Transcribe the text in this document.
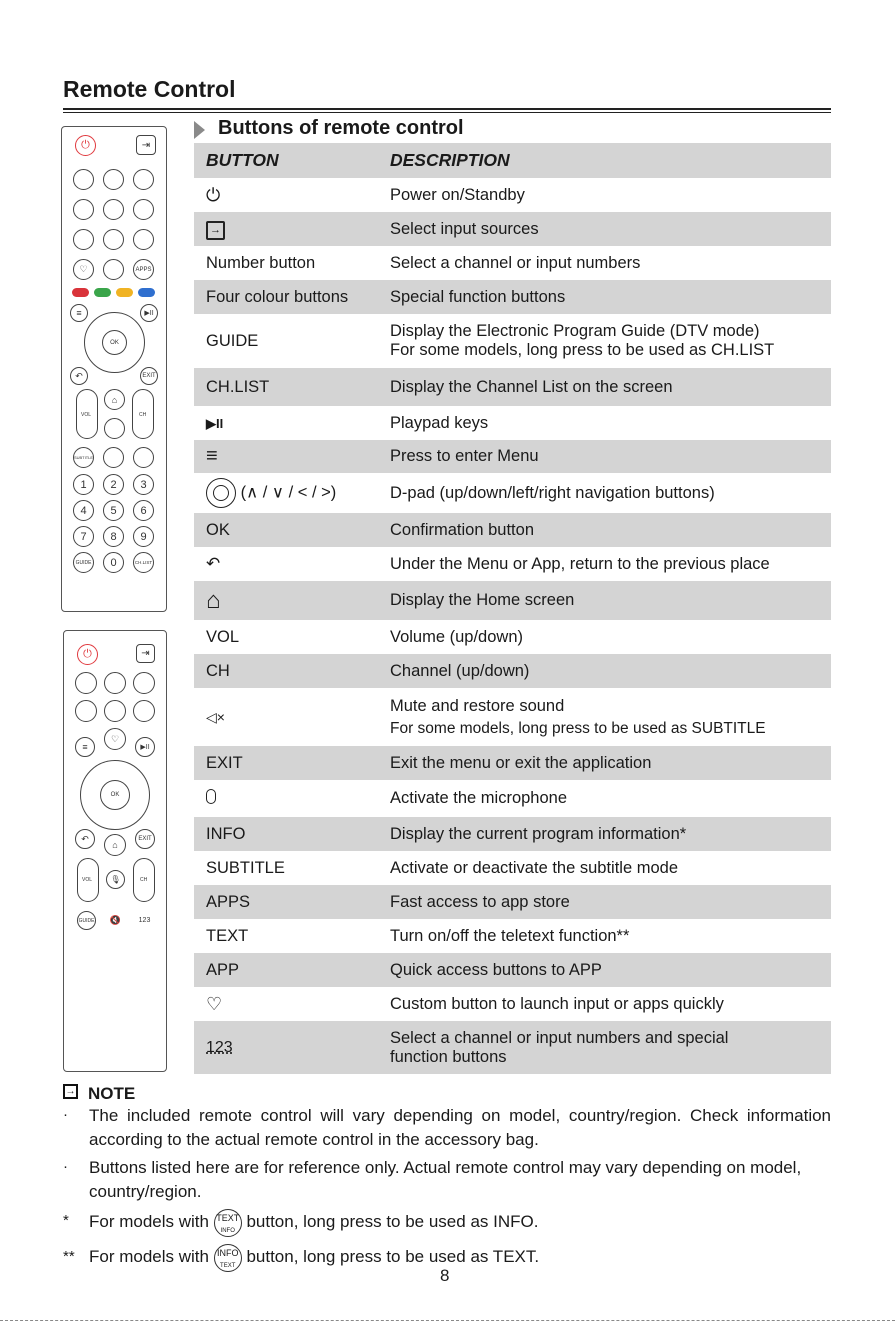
Remote Control
⏻	⇥
♡	APPS
≡	▶II
OK
↶	EXIT
VOL
⌂
CH
SUBTITLE
1	2	3
4	5	6
7	8	9
GUIDE	0	CH.LIST
⏻	⇥
♡
≡	▶II
OK
↶
⌂
EXIT
VOL	🎙	CH
GUIDE	🔇	123
Buttons of remote control
BUTTON	DESCRIPTION
⏻	Power on/Standby
→	Select input sources
Number button	Select a channel or input numbers
Four colour buttons	Special function buttons
GUIDE	Display the Electronic Program Guide (DTV mode)
For some models, long press to be used as CH.LIST

CH.LIST	Display the Channel List on the screen
▶II	Playpad keys
≡	Press to enter Menu

(∧ / ∨ / < / >)	D-pad (up/down/left/right navigation buttons)
OK	Confirmation button
↶	Under the Menu or App, return to the previous place
⌂	Display the Home screen
VOL	Volume (up/down)
CH	Channel (up/down)
◁×	Mute and restore sound
For some models, long press to be used as SUBTITLE

EXIT	Exit the menu or exit the application
	Activate the microphone
INFO	Display the current program information*
SUBTITLE	Activate or deactivate the subtitle mode
APPS	Fast access to app store
TEXT	Turn on/off the teletext function**
APP	Quick access buttons to APP
♡	Custom button to launch input or apps quickly
123	Select a channel or input numbers and special
function buttons
→ NOTE
· The included remote control will vary depending on model, country/region. Check information according to the actual remote control in the accessory bag.
· Buttons listed here are for reference only. Actual remote control may vary depending on model, country/region.
* For models with TEXT
INFO button, long press to be used as INFO.
** For models with INFO
TEXT button, long press to be used as TEXT.
8
